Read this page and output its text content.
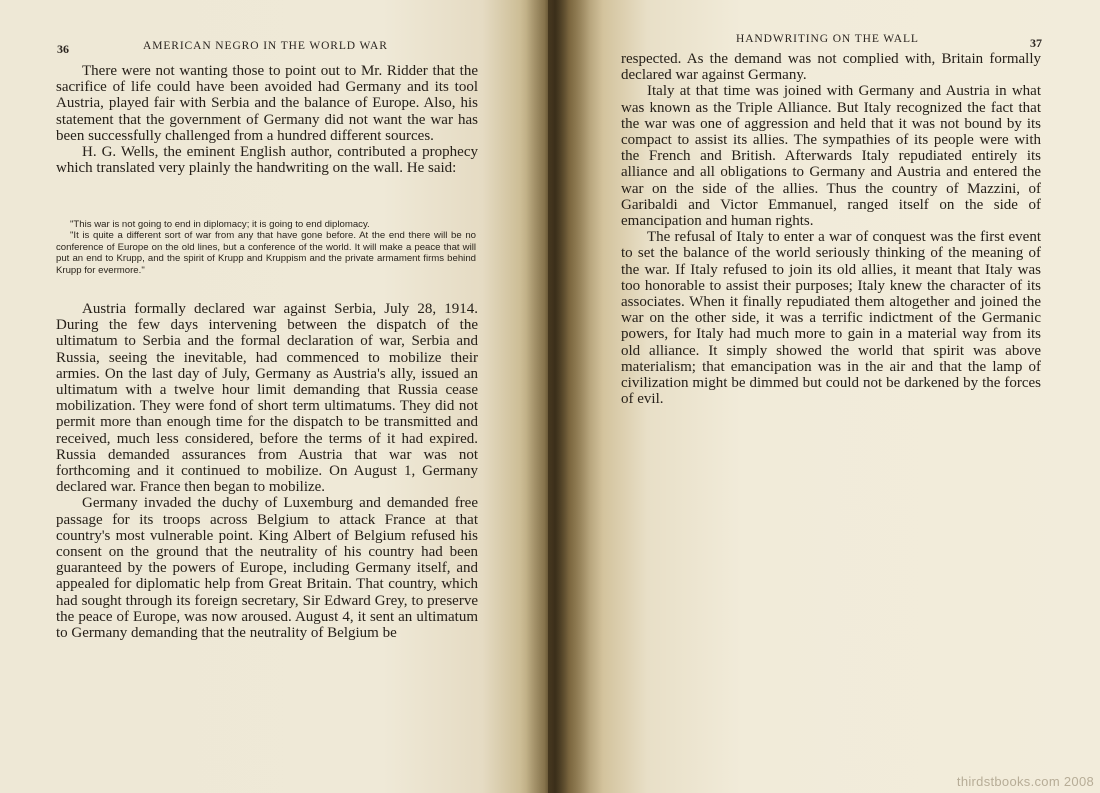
36	AMERICAN NEGRO IN THE WORLD WAR

There were not wanting those to point out to Mr. Ridder that the sacrifice of life could have been avoided had Germany and its tool Austria, played fair with Serbia and the balance of Europe. Also, his statement that the government of Germany did not want the war has been successfully challenged from a hundred different sources.

H. G. Wells, the eminent English author, contributed a prophecy which translated very plainly the handwriting on the wall. He said:

"This war is not going to end in diplomacy; it is going to end diplomacy.

"It is quite a different sort of war from any that have gone before. At the end there will be no conference of Europe on the old lines, but a conference of the world. It will make a peace that will put an end to Krupp, and the spirit of Krupp and Kruppism and the private armament firms behind Krupp for evermore."

Austria formally declared war against Serbia, July 28, 1914. During the few days intervening between the dispatch of the ultimatum to Serbia and the formal declaration of war, Serbia and Russia, seeing the inevitable, had commenced to mobilize their armies. On the last day of July, Germany as Austria's ally, issued an ultimatum with a twelve hour limit demanding that Russia cease mobilization. They were fond of short term ultimatums. They did not permit more than enough time for the dispatch to be transmitted and received, much less considered, before the terms of it had expired. Russia demanded assurances from Austria that war was not forthcoming and it continued to mobilize. On August 1, Germany declared war. France then began to mobilize.

Germany invaded the duchy of Luxemburg and demanded free passage for its troops across Belgium to attack France at that country's most vulnerable point. King Albert of Belgium refused his consent on the ground that the neutrality of his country had been guaranteed by the powers of Europe, including Germany itself, and appealed for diplomatic help from Great Britain. That country, which had sought through its foreign secretary, Sir Edward Grey, to preserve the peace of Europe, was now aroused. August 4, it sent an ultimatum to Germany demanding that the neutrality of Belgium be

HANDWRITING ON THE WALL	37

respected. As the demand was not complied with, Britain formally declared war against Germany.

Italy at that time was joined with Germany and Austria in what was known as the Triple Alliance. But Italy recognized the fact that the war was one of aggression and held that it was not bound by its compact to assist its allies. The sympathies of its people were with the French and British. Afterwards Italy repudiated entirely its alliance and all obligations to Germany and Austria and entered the war on the side of the allies. Thus the country of Mazzini, of Garibaldi and Victor Emmanuel, ranged itself on the side of emancipation and human rights.

The refusal of Italy to enter a war of conquest was the first event to set the balance of the world seriously thinking of the meaning of the war. If Italy refused to join its old allies, it meant that Italy was too honorable to assist their purposes; Italy knew the character of its associates. When it finally repudiated them altogether and joined the war on the other side, it was a terrific indictment of the Germanic powers, for Italy had much more to gain in a material way from its old alliance. It simply showed the world that spirit was above materialism; that emancipation was in the air and that the lamp of civilization might be dimmed but could not be darkened by the forces of evil.

thirdstbooks.com 2008
